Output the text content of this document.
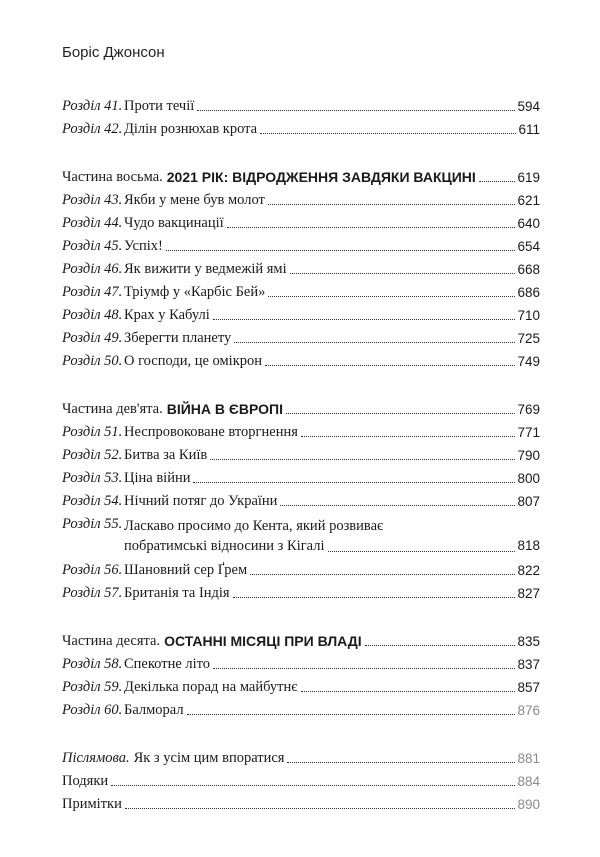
Боріс Джонсон
Розділ 41. Проти течії	594
Розділ 42. Ділін рознюхав крота	611
Частина восьма. 2021 РІК: ВІДРОДЖЕННЯ ЗАВДЯКИ ВАКЦИНІ	619
Розділ 43. Якби у мене був молот	621
Розділ 44. Чудо вакцинації	640
Розділ 45. Успіх!	654
Розділ 46. Як вижити у ведмежій ямі	668
Розділ 47. Тріумф у «Карбіс Бей»	686
Розділ 48. Крах у Кабулі	710
Розділ 49. Зберегти планету	725
Розділ 50. О господи, це омікрон	749
Частина дев'ята. ВІЙНА В ЄВРОПІ	769
Розділ 51. Неспровоковане вторгнення	771
Розділ 52. Битва за Київ	790
Розділ 53. Ціна війни	800
Розділ 54. Нічний потяг до України	807
Розділ 55. Ласкаво просимо до Кента, який розвиває
побратимські відносини з Кігалі	818
Розділ 56. Шановний сер Ґрем	822
Розділ 57. Британія та Індія	827
Частина десята. ОСТАННІ МІСЯЦІ ПРИ ВЛАДІ	835
Розділ 58. Спекотне літо	837
Розділ 59. Декілька порад на майбутнє	857
Розділ 60. Балморал	876
Післямова. Як з усім цим впоратися	881
Подяки	884
Примітки	890
